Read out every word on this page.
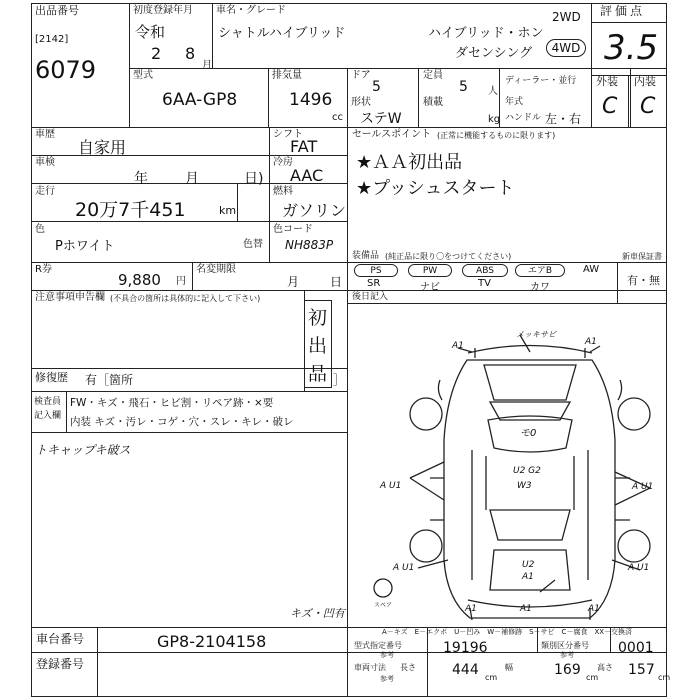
出品番号
[2142]
6079
初度登録年月
令和
2 8
月
車名・グレード
シャトルハイブリッド	ハイブリッド・ホン
ダセンシング
2WD
4WD
評価点
3.5
外装 内装
C C
型式
6AA-GP8
排気量
1496
cc
ドア
5
定員
5 人
ディーラー・並行
形状
ステW
積載
kg
年式
ハンドル 左・右
車歴
自家用
シフト
FAT
車検
年	月	日)
冷房
AAC
走行
20万7千451	km
燃料
ガソリン
色
Pホワイト	色替
色コード
NH883P
R券
9,880 円
名変期限
月	日
注意事項申告欄 (不具合の箇所は具体的に記入して下さい)
初
出
品
修復歴 有［箇所	］
検査員
記入欄
FW・キズ・飛石・ヒビ割・リペア跡・×要
内装 キズ・汚レ・コゲ・穴・スレ・キレ・破レ
トキャップキ破ス
キズ・凹有
セールスポイント (正常に機能するものに限ります)
★ＡＡ初出品
★プッシュスタート
装備品 (純正品に限り〇をつけてください)
PS	PW	ABS	エアB	AW
SR	ナビ	TV	カワ
新車保証書
有・無
後日記入
メッキサビ
A1	A1
モ0
U2 G2
W3
A U1	A U1
A U1	A U1
U2
A1
A1	A1	A1
スペア
A－キズ　E－エクボ　U－凹み　W－補修跡　S－サビ　C－腐食　XX－交換済
車台番号	GP8-2104158
登録番号
型式指定番号
参考	19196	類別区分番号
参考	0001
車両寸法
参考
長さ	444 cm
幅	169 cm
高さ 157 cm
